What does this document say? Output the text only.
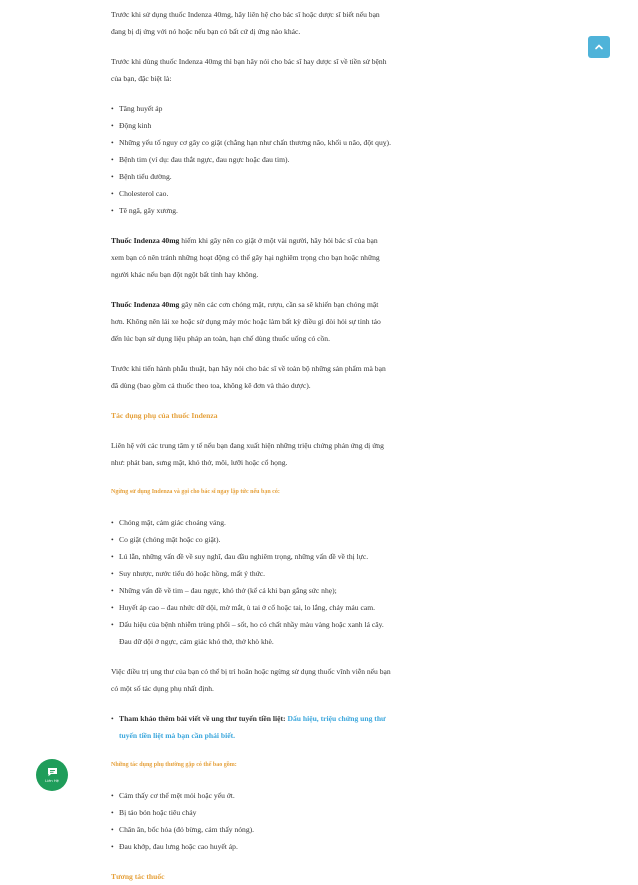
Trước khi sử dụng thuốc Indenza 40mg, hãy liên hệ cho bác sĩ hoặc dược sĩ biết nếu bạn đang bị dị ứng với nó hoặc nếu bạn có bất cứ dị ứng nào khác.

Trước khi dùng thuốc Indenza 40mg thì bạn hãy nói cho bác sĩ hay dược sĩ về tiền sử bệnh của bạn, đặc biệt là:

• Tăng huyết áp
• Động kinh
• Những yếu tố nguy cơ gây co giật (chẳng hạn như chấn thương não, khối u não, đột quỵ).
• Bệnh tim (ví dụ: đau thắt ngực, đau ngực hoặc đau tim).
• Bệnh tiểu đường.
• Cholesterol cao.
• Tê ngã, gãy xương.

Thuốc Indenza 40mg hiếm khi gây nên co giật ở một vài người, hãy hỏi bác sĩ của bạn xem bạn có nên tránh những hoạt động có thể gây hại nghiêm trọng cho bạn hoặc những người khác nếu bạn đột ngột bất tỉnh hay không.

Thuốc Indenza 40mg gây nên các cơn chóng mặt, rượu, cần sa sẽ khiến bạn chóng mặt hơn. Không nên lái xe hoặc sử dụng máy móc hoặc làm bất kỳ điều gì đòi hỏi sự tỉnh táo đến lúc bạn sử dụng liệu pháp an toàn, hạn chế dùng thuốc uống có cồn.

Trước khi tiến hành phẫu thuật, bạn hãy nói cho bác sĩ về toàn bộ những sản phẩm mà bạn đã dùng (bao gồm cả thuốc theo toa, không kê đơn và thảo dược).

Tác dụng phụ của thuốc Indenza

Liên hệ với các trung tâm y tế nếu bạn đang xuất hiện những triệu chứng phản ứng dị ứng như: phát ban, sưng mặt, khó thở, môi, lưỡi hoặc cổ họng.

Ngừng sử dụng Indenza và gọi cho bác sĩ ngay lập tức nếu bạn có:

• Chóng mặt, cảm giác choáng váng.
• Co giật (chóng mặt hoặc co giật).
• Lú lẫn, những vấn đề về suy nghĩ, đau đầu nghiêm trọng, những vấn đề về thị lực.
• Suy nhược, nước tiểu đỏ hoặc hồng, mất ý thức.
• Những vấn đề về tim – đau ngực, khó thở (kể cả khi bạn gắng sức nhẹ);
• Huyết áp cao – đau nhức dữ dội, mờ mắt, ù tai ở cổ hoặc tai, lo lắng, chảy máu cam.
• Dấu hiệu của bệnh nhiễm trùng phổi – sốt, ho có chất nhầy màu vàng hoặc xanh lá cây. Đau dữ dội ở ngực, cảm giác khó thở, thở khò khè.

Việc điều trị ung thư của bạn có thể bị trì hoãn hoặc ngừng sử dụng thuốc vĩnh viễn nếu bạn có một số tác dụng phụ nhất định.

• Tham khảo thêm bài viết về ung thư tuyến tiền liệt: Dấu hiệu, triệu chứng ung thư tuyến tiền liệt mà bạn cần phải biết.

Những tác dụng phụ thường gặp có thể bao gồm:

• Cảm thấy cơ thể mệt mỏi hoặc yếu ớt.
• Bị táo bón hoặc tiêu chảy
• Chân ăn, bốc hỏa (đỏ bừng, cảm thấy nóng).
• Đau khớp, đau lưng hoặc cao huyết áp.

Tương tác thuốc

Liên Hệ
